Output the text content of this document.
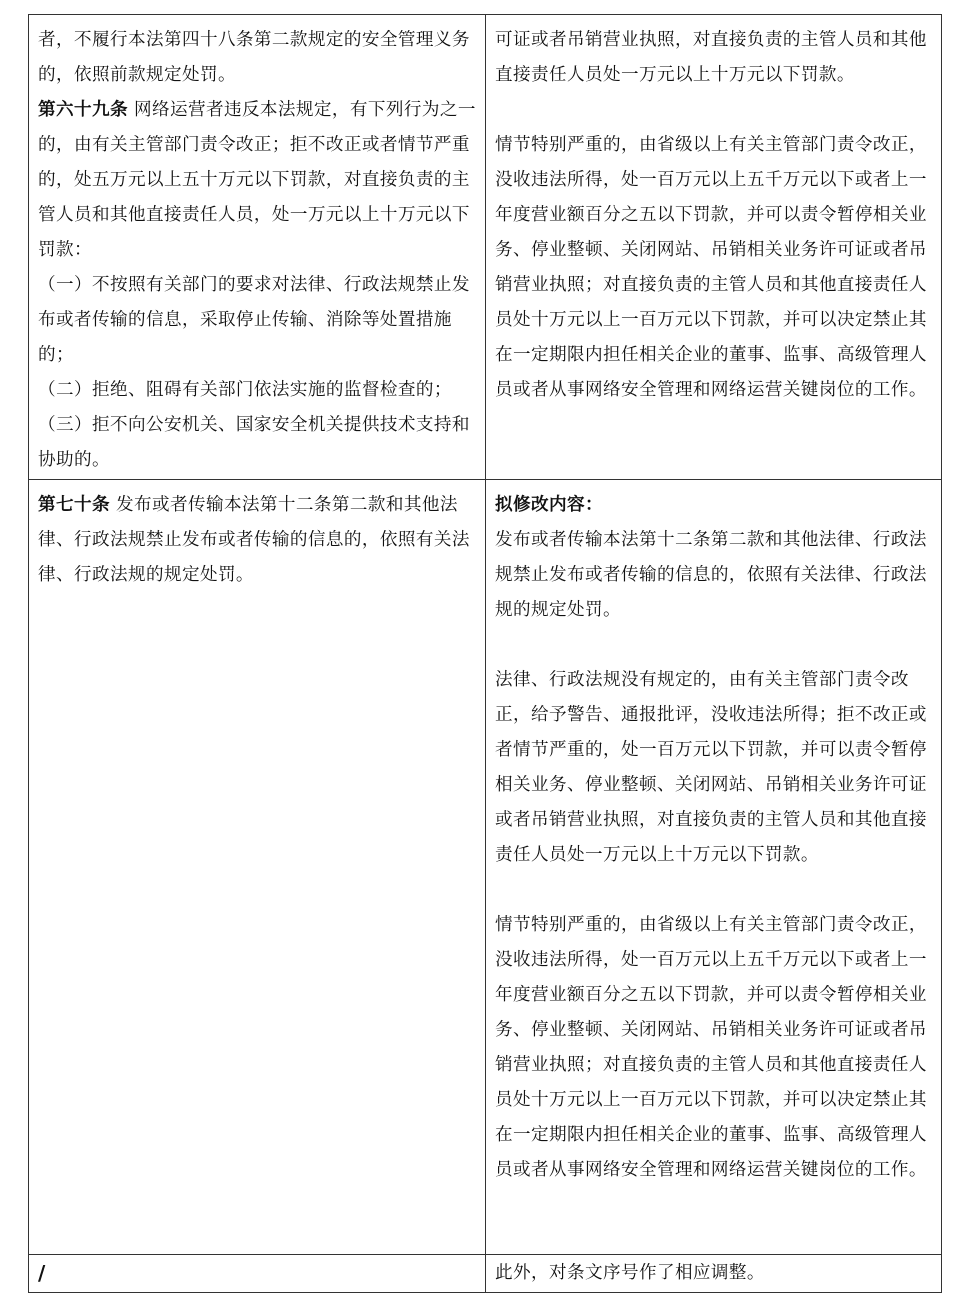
者，不履行本法第四十八条第二款规定的安全管理义务的，依照前款规定处罚。
第六十九条 网络运营者违反本法规定，有下列行为之一的，由有关主管部门责令改正；拒不改正或者情节严重的，处五万元以上五十万元以下罚款，对直接负责的主管人员和其他直接责任人员，处一万元以上十万元以下罚款：
（一）不按照有关部门的要求对法律、行政法规禁止发布或者传输的信息，采取停止传输、消除等处置措施的；
（二）拒绝、阻碍有关部门依法实施的监督检查的；
（三）拒不向公安机关、国家安全机关提供技术支持和协助的。
可证或者吊销营业执照，对直接负责的主管人员和其他直接责任人员处一万元以上十万元以下罚款。
情节特别严重的，由省级以上有关主管部门责令改正，没收违法所得，处一百万元以上五千万元以下或者上一年度营业额百分之五以下罚款，并可以责令暂停相关业务、停业整顿、关闭网站、吊销相关业务许可证或者吊销营业执照；对直接负责的主管人员和其他直接责任人员处十万元以上一百万元以下罚款，并可以决定禁止其在一定期限内担任相关企业的董事、监事、高级管理人员或者从事网络安全管理和网络运营关键岗位的工作。
第七十条 发布或者传输本法第十二条第二款和其他法律、行政法规禁止发布或者传输的信息的，依照有关法律、行政法规的规定处罚。
拟修改内容：
发布或者传输本法第十二条第二款和其他法律、行政法规禁止发布或者传输的信息的，依照有关法律、行政法规的规定处罚。
法律、行政法规没有规定的，由有关主管部门责令改正，给予警告、通报批评，没收违法所得；拒不改正或者情节严重的，处一百万元以下罚款，并可以责令暂停相关业务、停业整顿、关闭网站、吊销相关业务许可证或者吊销营业执照，对直接负责的主管人员和其他直接责任人员处一万元以上十万元以下罚款。
情节特别严重的，由省级以上有关主管部门责令改正，没收违法所得，处一百万元以上五千万元以下或者上一年度营业额百分之五以下罚款，并可以责令暂停相关业务、停业整顿、关闭网站、吊销相关业务许可证或者吊销营业执照；对直接负责的主管人员和其他直接责任人员处十万元以上一百万元以下罚款，并可以决定禁止其在一定期限内担任相关企业的董事、监事、高级管理人员或者从事网络安全管理和网络运营关键岗位的工作。
/	此外，对条文序号作了相应调整。
